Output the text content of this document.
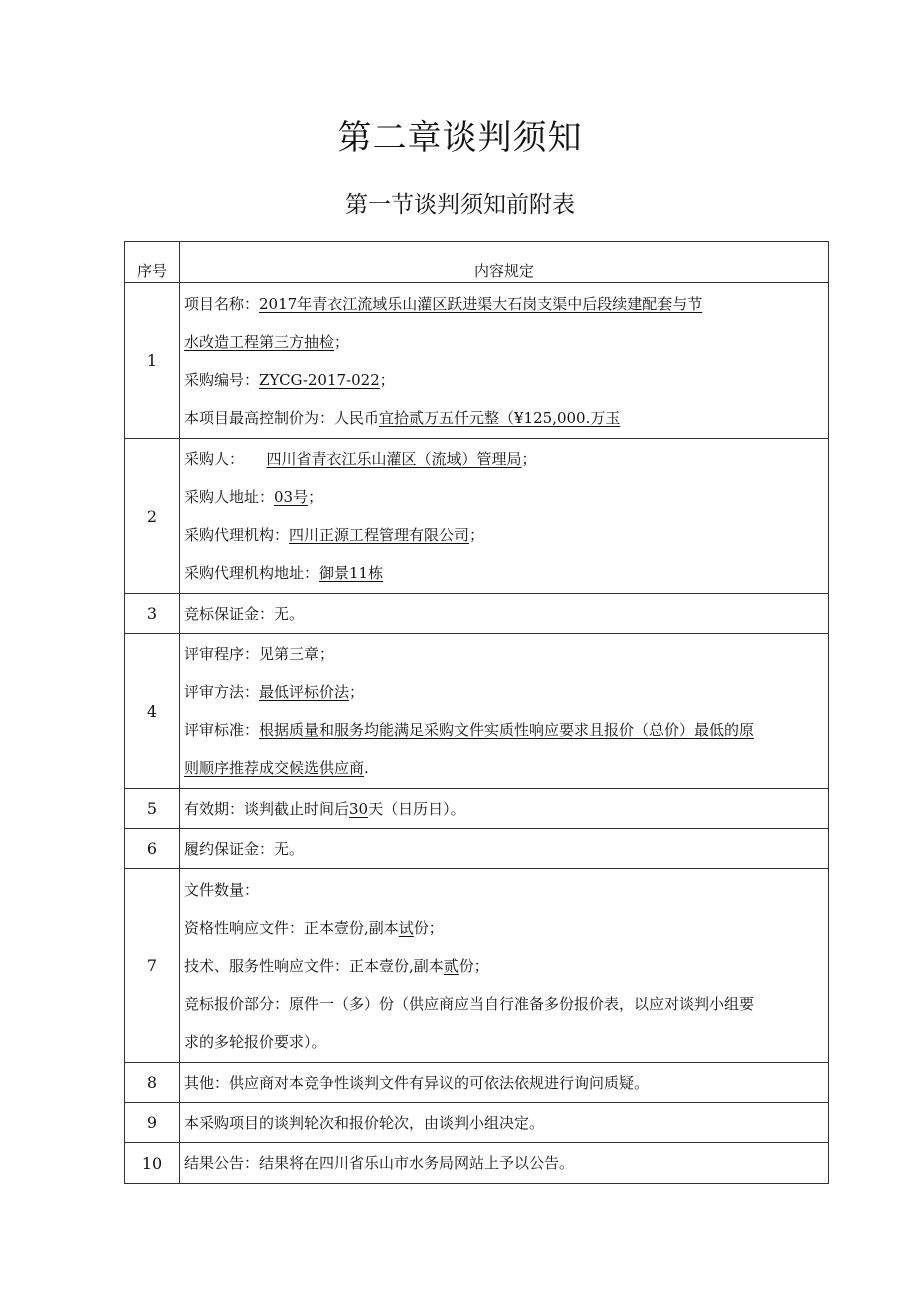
第二章谈判须知
第一节谈判须知前附表
序号	内容规定
1	项目名称：2017年青衣江流域乐山灌区跃进渠大石岗支渠中后段续建配套与节
水改造工程第三方抽检；
采购编号：ZYCG-2017-022；
本项目最高控制价为：人民币宜拾贰万五仟元整（¥125,000.万玉

2	采购人：　　四川省青衣江乐山灌区（流域）管理局；
采购人地址：03号；
采购代理机构：四川正源工程管理有限公司；
采购代理机构地址：御景11栋

3	竞标保证金：无。

4	评审程序：见第三章；
评审方法：最低评标价法；
评审标准：根据质量和服务均能满足采购文件实质性响应要求且报价（总价）最低的原
则顺序推荐成交候选供应商.

5	有效期：谈判截止时间后30天（日历日）。

6	履约保证金：无。

7	文件数量：
资格性响应文件：正本壹份,副本试份；
技术、服务性响应文件：正本壹份,副本贰份；
竞标报价部分：原件一（多）份（供应商应当自行准备多份报价表，以应对谈判小组要
求的多轮报价要求）。

8	其他：供应商对本竞争性谈判文件有异议的可依法依规进行询问质疑。

9	本采购项目的谈判轮次和报价轮次，由谈判小组决定。

10	结果公告：结果将在四川省乐山市水务局网站上予以公告。
